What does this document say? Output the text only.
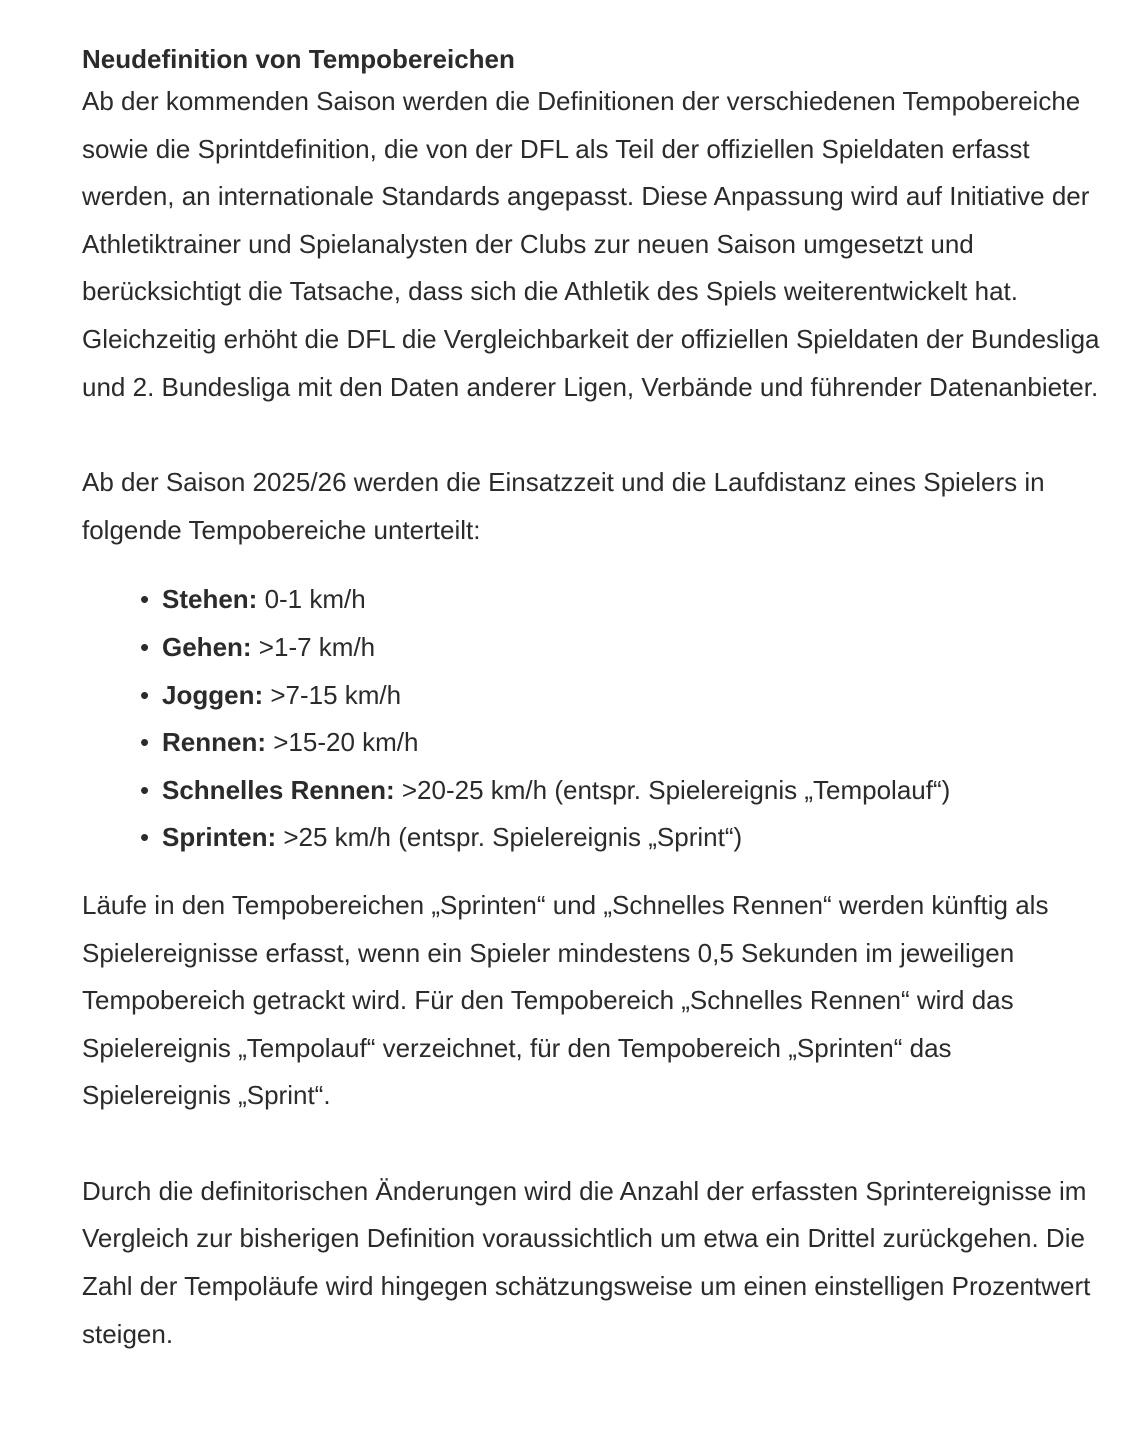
Neudefinition von Tempobereichen

Ab der kommenden Saison werden die Definitionen der verschiedenen Tempobereiche sowie die Sprintdefinition, die von der DFL als Teil der offiziellen Spieldaten erfasst werden, an internationale Standards angepasst. Diese Anpassung wird auf Initiative der Athletiktrainer und Spielanalysten der Clubs zur neuen Saison umgesetzt und berücksichtigt die Tatsache, dass sich die Athletik des Spiels weiterentwickelt hat. Gleichzeitig erhöht die DFL die Vergleichbarkeit der offiziellen Spieldaten der Bundesliga und 2. Bundesliga mit den Daten anderer Ligen, Verbände und führender Datenanbieter.

Ab der Saison 2025/26 werden die Einsatzzeit und die Laufdistanz eines Spielers in folgende Tempobereiche unterteilt:

• Stehen: 0-1 km/h
• Gehen: >1-7 km/h
• Joggen: >7-15 km/h
• Rennen: >15-20 km/h
• Schnelles Rennen: >20-25 km/h (entspr. Spielereignis „Tempolauf“)
• Sprinten: >25 km/h (entspr. Spielereignis „Sprint“)

Läufe in den Tempobereichen „Sprinten“ und „Schnelles Rennen“ werden künftig als Spielereignisse erfasst, wenn ein Spieler mindestens 0,5 Sekunden im jeweiligen Tempobereich getrackt wird. Für den Tempobereich „Schnelles Rennen“ wird das Spielereignis „Tempolauf“ verzeichnet, für den Tempobereich „Sprinten“ das Spielereignis „Sprint“.

Durch die definitorischen Änderungen wird die Anzahl der erfassten Sprintereignisse im Vergleich zur bisherigen Definition voraussichtlich um etwa ein Drittel zurückgehen. Die Zahl der Tempoläufe wird hingegen schätzungsweise um einen einstelligen Prozentwert steigen.
